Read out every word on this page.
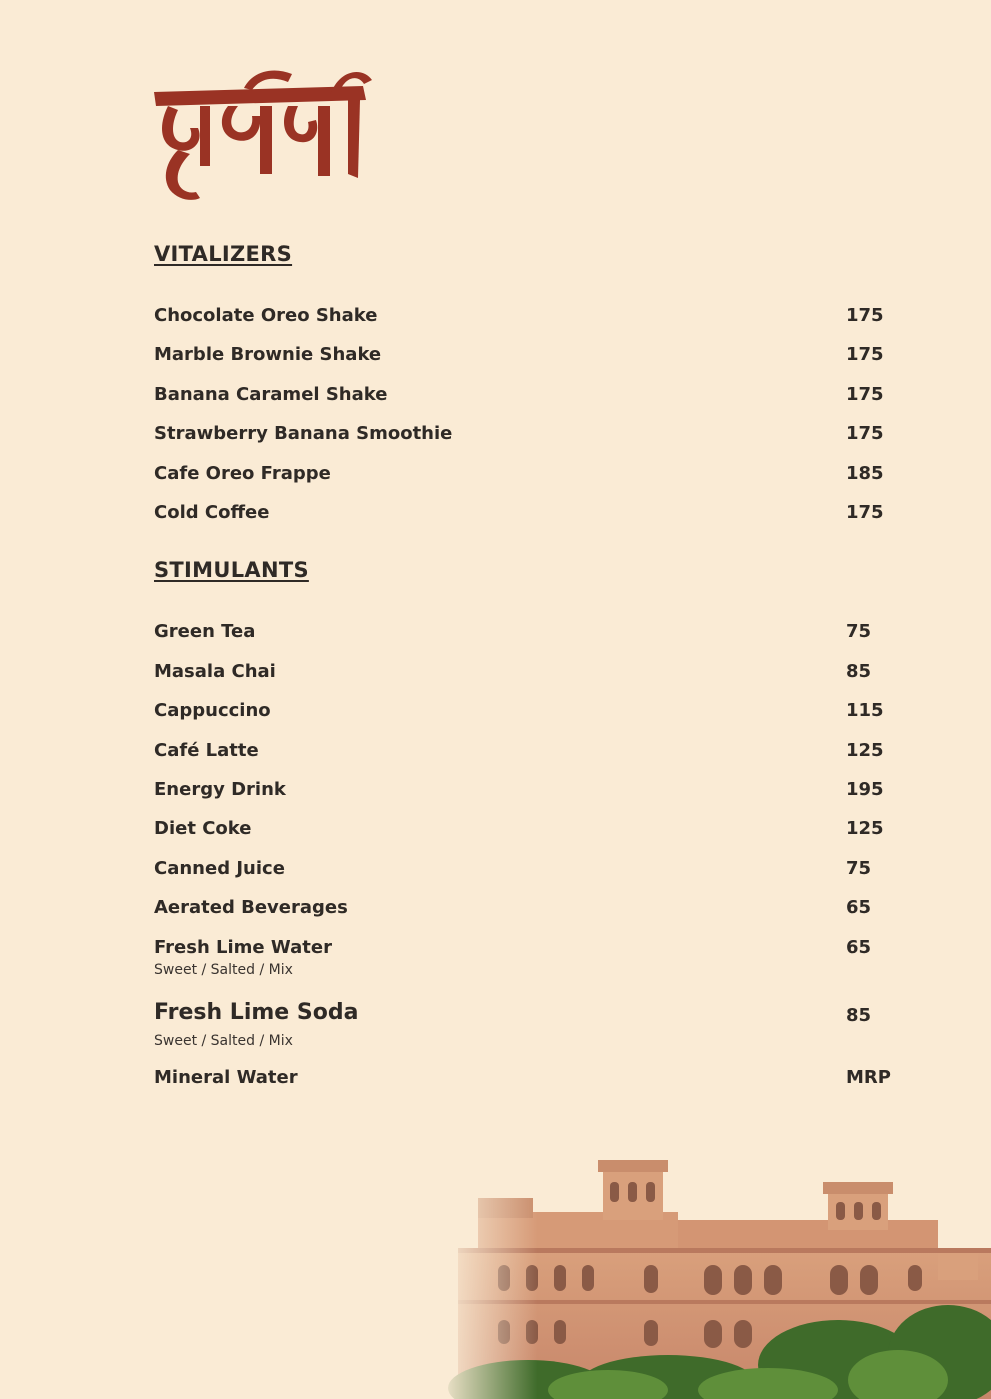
VITALIZERS
Chocolate Oreo Shake	175
Marble Brownie Shake	175
Banana Caramel Shake	175
Strawberry Banana Smoothie	175
Cafe Oreo Frappe	185
Cold Coffee	175
STIMULANTS
Green Tea	75
Masala Chai	85
Cappuccino	115
Café Latte	125
Energy Drink	195
Diet Coke	125
Canned Juice	75
Aerated Beverages	65
Fresh Lime Water	65
Sweet / Salted / Mix
Fresh Lime Soda	85
Sweet / Salted / Mix
Mineral Water	MRP
